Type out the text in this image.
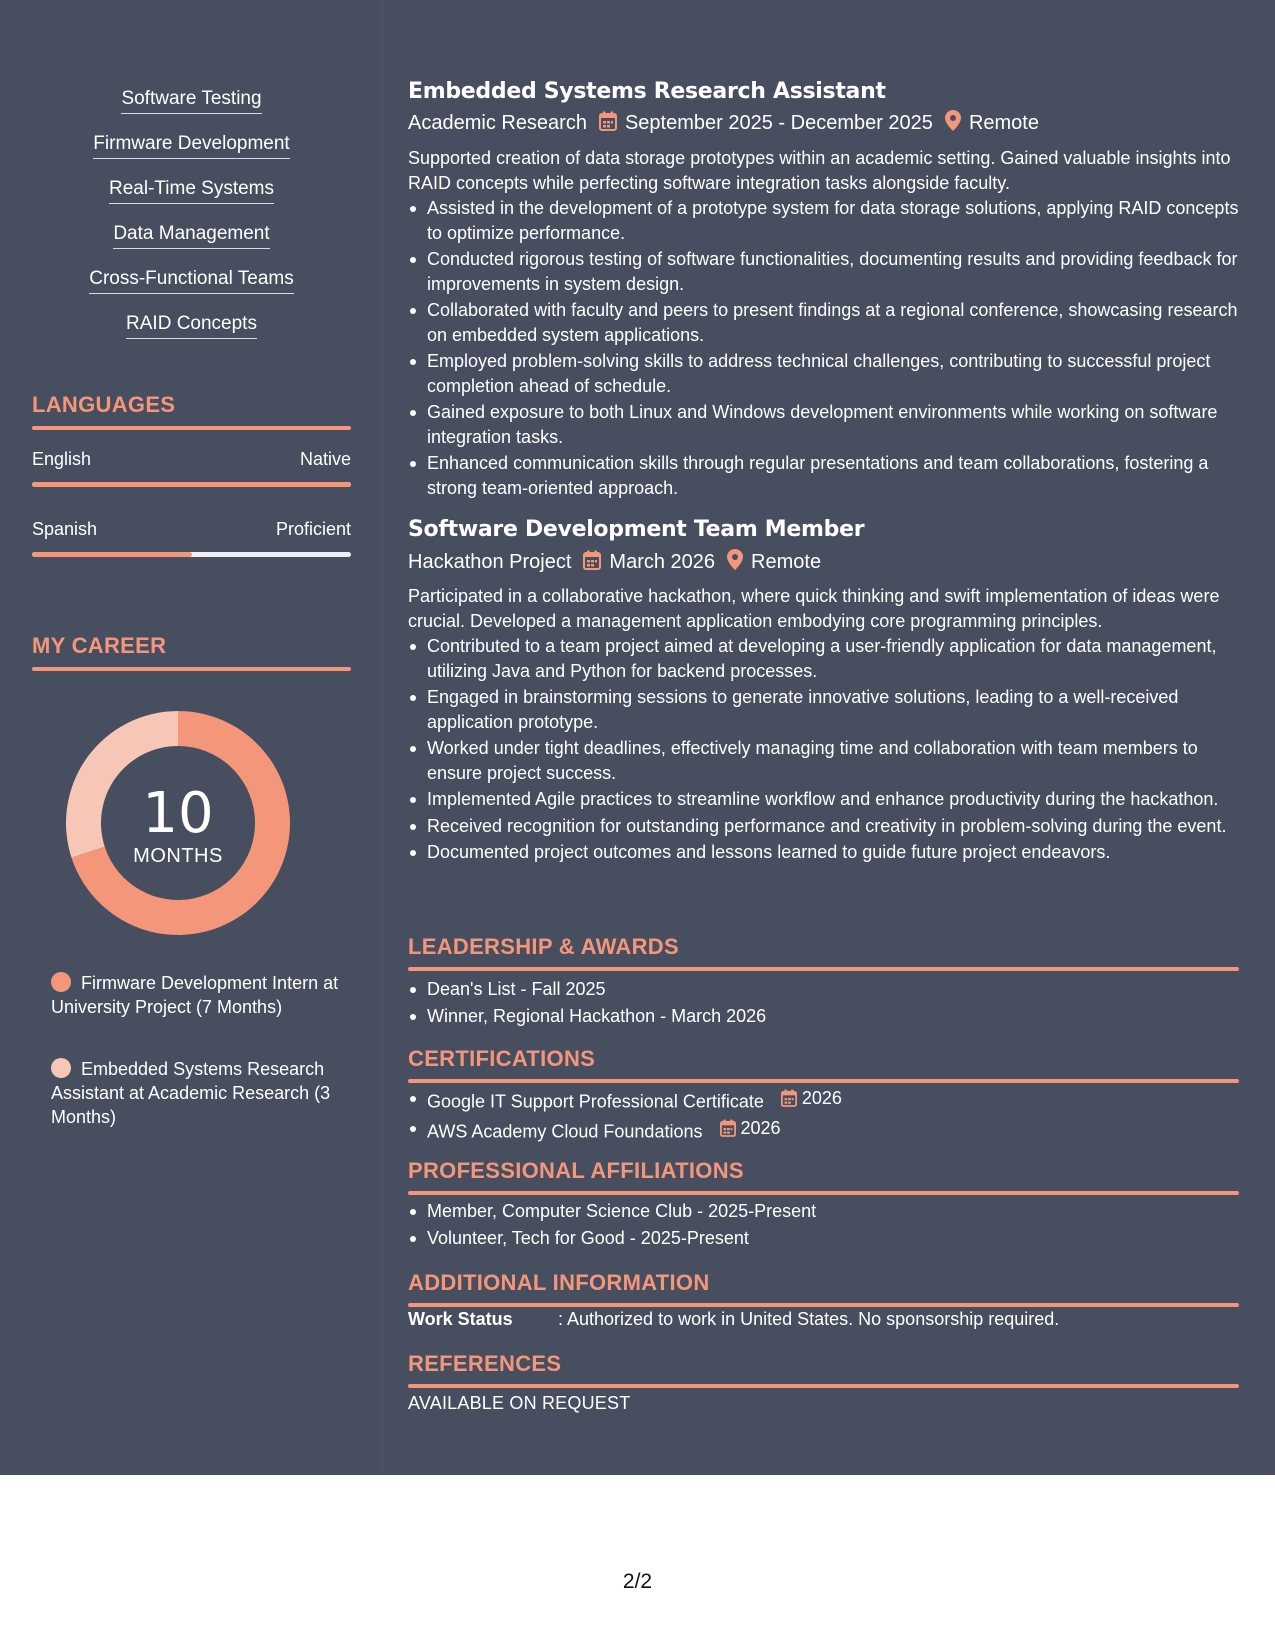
Software Testing
Firmware Development
Real-Time Systems
Data Management
Cross-Functional Teams
RAID Concepts
LANGUAGES
English	Native
Spanish	Proficient
MY CAREER
10
MONTHS
Firmware Development Intern at University Project (7 Months)
Embedded Systems Research Assistant at Academic Research (3 Months)
Embedded Systems Research Assistant
Academic Research September 2025 - December 2025 Remote
Supported creation of data storage prototypes within an academic setting. Gained valuable insights into RAID concepts while perfecting software integration tasks alongside faculty.
Assisted in the development of a prototype system for data storage solutions, applying RAID concepts to optimize performance.
Conducted rigorous testing of software functionalities, documenting results and providing feedback for improvements in system design.
Collaborated with faculty and peers to present findings at a regional conference, showcasing research on embedded system applications.
Employed problem-solving skills to address technical challenges, contributing to successful project completion ahead of schedule.
Gained exposure to both Linux and Windows development environments while working on software integration tasks.
Enhanced communication skills through regular presentations and team collaborations, fostering a strong team-oriented approach.
Software Development Team Member
Hackathon Project March 2026 Remote
Participated in a collaborative hackathon, where quick thinking and swift implementation of ideas were crucial. Developed a management application embodying core programming principles.
Contributed to a team project aimed at developing a user-friendly application for data management, utilizing Java and Python for backend processes.
Engaged in brainstorming sessions to generate innovative solutions, leading to a well-received application prototype.
Worked under tight deadlines, effectively managing time and collaboration with team members to ensure project success.
Implemented Agile practices to streamline workflow and enhance productivity during the hackathon.
Received recognition for outstanding performance and creativity in problem-solving during the event.
Documented project outcomes and lessons learned to guide future project endeavors.
LEADERSHIP & AWARDS
Dean's List - Fall 2025
Winner, Regional Hackathon - March 2026
CERTIFICATIONS
Google IT Support Professional Certificate 2026
AWS Academy Cloud Foundations 2026
PROFESSIONAL AFFILIATIONS
Member, Computer Science Club - 2025-Present
Volunteer, Tech for Good - 2025-Present
ADDITIONAL INFORMATION
Work Status	: Authorized to work in United States. No sponsorship required.
REFERENCES
AVAILABLE ON REQUEST
2/2
